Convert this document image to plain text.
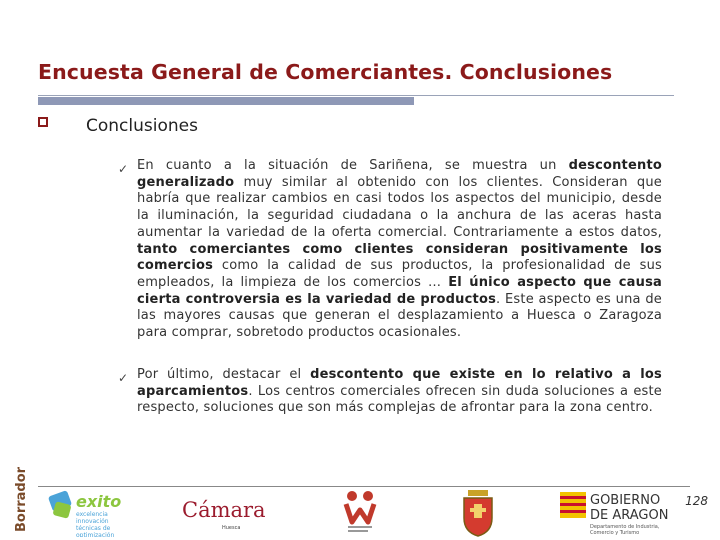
Encuesta General de Comerciantes. Conclusiones
Conclusiones
✓ En cuanto a la situación de Sariñena, se muestra un descontento generalizado muy similar al obtenido con los clientes. Consideran que habría que realizar cambios en casi todos los aspectos del municipio, desde la iluminación, la seguridad ciudadana o la anchura de las aceras hasta aumentar la variedad de la oferta comercial. Contrariamente a estos datos, tanto comerciantes como clientes consideran positivamente los comercios como la calidad de sus productos, la profesionalidad de sus empleados, la limpieza de los comercios … El único aspecto que causa cierta controversia es la variedad de productos. Este aspecto es una de las mayores causas que generan el desplazamiento a Huesca o Zaragoza para comprar, sobretodo productos ocasionales.
✓ Por último, destacar el descontento que existe en lo relativo a los aparcamientos. Los centros comerciales ofrecen sin duda soluciones a este respecto, soluciones que son más complejas de afrontar para la zona centro.
128
Borrador	exito
excelencia
innovación
técnicas de
optimización
Cámara
Huesca
GOBIERNO
DE ARAGON
Departamento de Industria,
Comercio y Turismo
